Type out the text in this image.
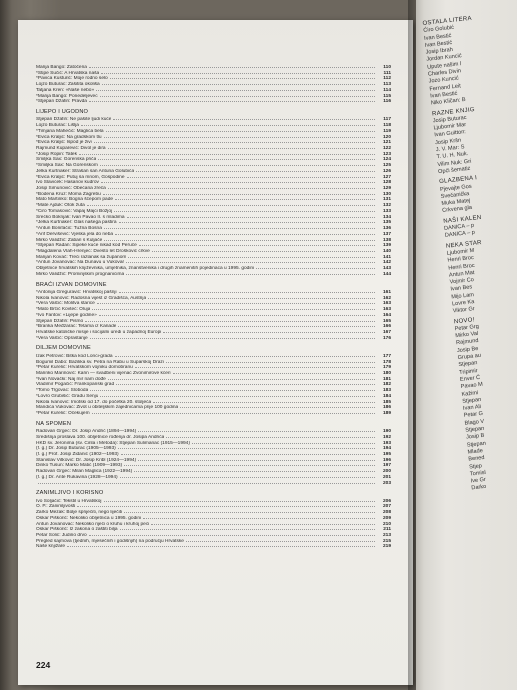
Marija Bango: Zatočena	110
*Stipe Sučić: A Hrvatska naša	111
*Pavica Kusturić: Moje rodno selo	112
Lojzo Buturac: Zašitita okoliša	113
Tatjana Kren: «Naše nebo»	114
*Marija Bango: Ponedeljevec	115
*Stjepan Džafiri: Pravda	116
LIJEPO I UGODNO
Stjepan Džafiri: Ne pašite ljudi kuće	117
Lojzo Buturac: Lišlja	118
*Timjana Mahečić: Maglica bela	119
*Evica Kraljić: Na gradskom tlu	120
*Evica Kraljić: Ispod je živi	121
Rajmund Kuparević: Divol je dira	122
*Josip Ropin: Tatek	123
Smiljka Sax: Gorenska priča	124
*Smiljka Sax: Na Gorenskom	125
Jelka Kurtnaker: Strašan san Antuna Golubića	126
*Evica Kraljić: Putuj sa mnom, Gospodine	127
Ivo Slavicek: Hasanov kudrov	128
Josip Šimunović: Obećana zreča	129
*Bodena Kruz: Moma Zagrebu	130
Mato Martinko: Bogna ščepom pade	131
*Mate Ajduk: Otok žuta	132
*Ciro Tomasović: Vapaj Majci Božjoj	133
Srećko Boknjak: Ivan Pavao II. s mladima	134
*Jelka Kurtnaker: Glas našega pastira	135
*Antun Bonifačić: Tužna Bosna	136
*Arif Dervišević: Vjeska jela do neba	137
Mirko Validžić: Zabari s Kuljače	138
*Stjepan Radan: Sipeke kuće nikad kod Peruče	139
*Magdalena Vlah-Hrenjec: Dvesto let Drošković crkve	140
Marijan Kovač: Treći razlanak sa županom	141
*Antun Jovanovac: Na Dunavu u Vukovar	142
Obljetnice hrvatskih književnika, umjetnika, znanstvenika i drugih znamenitih pojedinaca u 1995. godini	143
Mirko Validžić: Prominjskim prognanicima	144
BRAĆI IZVAN DOMOVINE
*Antonija Greguravić: Hrvatskoj pašnji	161
Nikola Ivanović: Radosna vijest iz Gradišća, Austrija	162
*Vera Valčić: Molitva starice	163
*Mato Brčić Kovteć: Oluja	163
*Ivo Fantov: «Lijepe godine»	164
Stjepan Džafiri: Pismo	165
*Branka Međzarac: Tetama iz Kanade	166
Hrvatske katoličke misije i socijalni uredi u zapadnoj Europi	167
*Vera Valčić: Oprastanje	176
DILJEM DOMOVINE
Izak Petrović: Bitka kod Lonci-grada	177
Bogumil Dabo: Bazilika sv. Petra na Rabu u Suparskoj Drazi	178
*Petar Kurelić: Hrvatskom vojniku domobranu	179
Marinko Marinović: Karin — svadbeni vijenac Zvonimirove kćeri	180
*Ivan Novački: Naj mir nam dođe	181
Vladimir Pogačić: Frankopanski grad	182
*Tomo Trgovac: Sloboda	183
*Lovro Grubišić: Gradu Senju	184
Nikola Ivanović: Imotski od 17. do početka 20. stoljeća	185
Mandica Vukovac: Život u obiteljskim zajednicama prije 100 godina	186
*Petar Kurelić: Očekujem	189
NA SPOMEN
Radovan Grgec: Dr. Josip Andrić (1894—1994)	190
Središnja proslava 100. obljetnice rođenja dr. Josipa Andrića	192
HKD sv. Jeronima (sv. Ćirila i Metoda): Stjepan Sulimanac (1915—1994)	193
(f. g.) Dr. Josip Buturac (1905—1993)	194
(f. g.) Prof. Josip Židanić (1902—1993)	195
Stanislav Vitković: Dr. Josip Kribl (1924—1994)	196
Dinko Tusun: Marko Matić (1909—1993)	197
Radovan Grgec: Milan Maglica (1922—1994)	200
(f. g.) Dr. Ante Rukavina (1928—1994)	201
203
ZANIMLJIVO I KORISNO
Ivo Soljačić: Tekstil u Hrvatskoj	206
O. P.: Zanimljivosti	207
Žarko Mezak: Bolje spriječiti, nego liječiti	208
Oskar Piškorić: Nekoliko obljetnica u 1995. godini	209
Antun Jovanovac: Nekoliko riječi o kruhu i kruhoj peći	210
Oskar Piškorić: Iz zakona o zaštiti bilja	211
Petar Solić: Judino drvo	213
Pregled sajmova (tjednih, mjesečnih i godišnjih) na području Hrvatske	215
Naše knjižare	219
224
OSTALA LITERA
Ćiro Golubić
Ivan Bestić
Ivan Bestić
Josip Ibrah
Jordan Kuncić
Upute našim l
Charles Divin
Jozo Kuncić
Fernand Leit
Ivan Bestić
Niko Kličan: B
RAZNE KNJIG
Josip Buturac
Ljubomir Mar
Ivan Guitton:
Josip Kršn
J. V. Mar: S
T. U. H. Nuk.
Vilim Nuk: Gri
Opći šematiz
GLAZBENA I
Pjevajte Gos
Svečanička
Muka Matej
Crkvena gla
NAŠI KALEN
DANICA – p
DANICA – p
NEKA STAR
Ljubomir M
Henri Broc
Henri Broc
Antun Mat
Vojmir Co
Ivan Bes
Mijo Lam
Lovre Ka
Viktor Gr
NOVO!
Petar Grg
Mirko Val
Rajmund
Josip Be
Grupa au
Stjepan
Tripimir
Enver Ć
Pavao M
Kažimi
Stjepan
Ivan Ali
Petar G
Blago V
Stjepan
Josip B
Stjepan
Mlade
Bened
Stjep
Tomisl
Ive Gr
Darko
